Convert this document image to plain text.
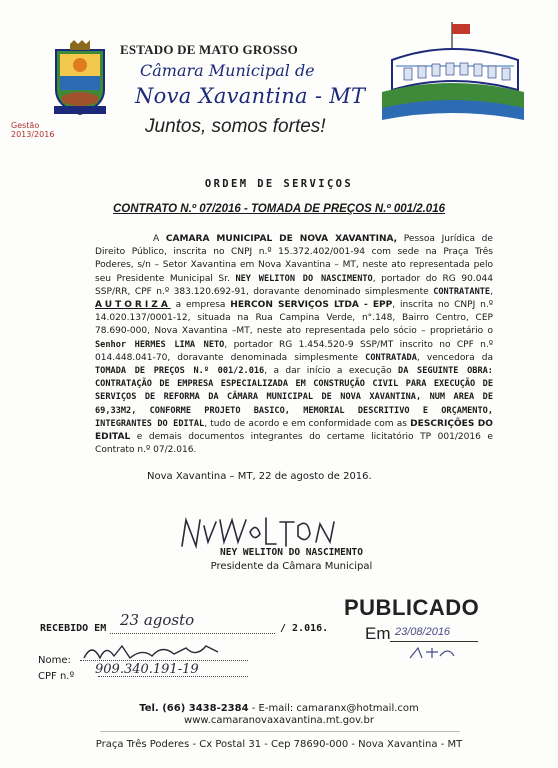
ESTADO DE MATO GROSSO
Câmara Municipal de
Nova Xavantina - MT
Juntos, somos fortes!
Gestão
2013/2016
ORDEM DE SERVIÇOS
CONTRATO N.º 07/2016 - TOMADA DE PREÇOS N.º 001/2.016
A CAMARA MUNICIPAL DE NOVA XAVANTINA, Pessoa Jurídica de Direito Público, inscrita no CNPJ n.º 15.372.402/001-94 com sede na Praça Três Poderes, s/n – Setor Xavantina em Nova Xavantina – MT, neste ato representada pelo seu Presidente Municipal Sr. NEY WELITON DO NASCIMENTO, portador do RG 90.044 SSP/RR, CPF n.º 383.120.692-91, doravante denominado simplesmente CONTRATANTE, AUTORIZA a empresa HERCON SERVIÇOS LTDA - EPP, inscrita no CNPJ n.º 14.020.137/0001-12, situada na Rua Campina Verde, n°.148, Bairro Centro, CEP 78.690-000, Nova Xavantina –MT, neste ato representada pelo sócio – proprietário o Senhor HERMES LIMA NETO, portador RG 1.454.520-9 SSP/MT inscrito no CPF n.º 014.448.041-70, doravante denominada simplesmente CONTRATADA, vencedora da TOMADA DE PREÇOS N.º 001/2.016, a dar início a execução DA SEGUINTE OBRA: CONTRATAÇÃO DE EMPRESA ESPECIALIZADA EM CONSTRUÇÃO CIVIL PARA EXECUÇÃO DE SERVIÇOS DE REFORMA DA CÂMARA MUNICIPAL DE NOVA XAVANTINA, NUM AREA DE 69,33M2, CONFORME PROJETO BASICO, MEMORIAL DESCRITIVO E ORÇAMENTO, INTEGRANTES DO EDITAL, tudo de acordo e em conformidade com as DESCRIÇÕES DO EDITAL e demais documentos integrantes do certame licitatório TP 001/2016 e Contrato n.º 07/2.016.
Nova Xavantina – MT, 22 de agosto de 2016.
NEY WELITON DO NASCIMENTO
Presidente da Câmara Municipal
RECEBIDO EM 23 agosto	/ 2.016.
Nome:
CPF n.º 909.340.191-19
PUBLICADO
Em 23/08/2016
Tel. (66) 3438-2384 - E-mail: camaranx@hotmail.com
www.camaranovaxavantina.mt.gov.br
Praça Três Poderes - Cx Postal 31 - Cep 78690-000 - Nova Xavantina - MT
